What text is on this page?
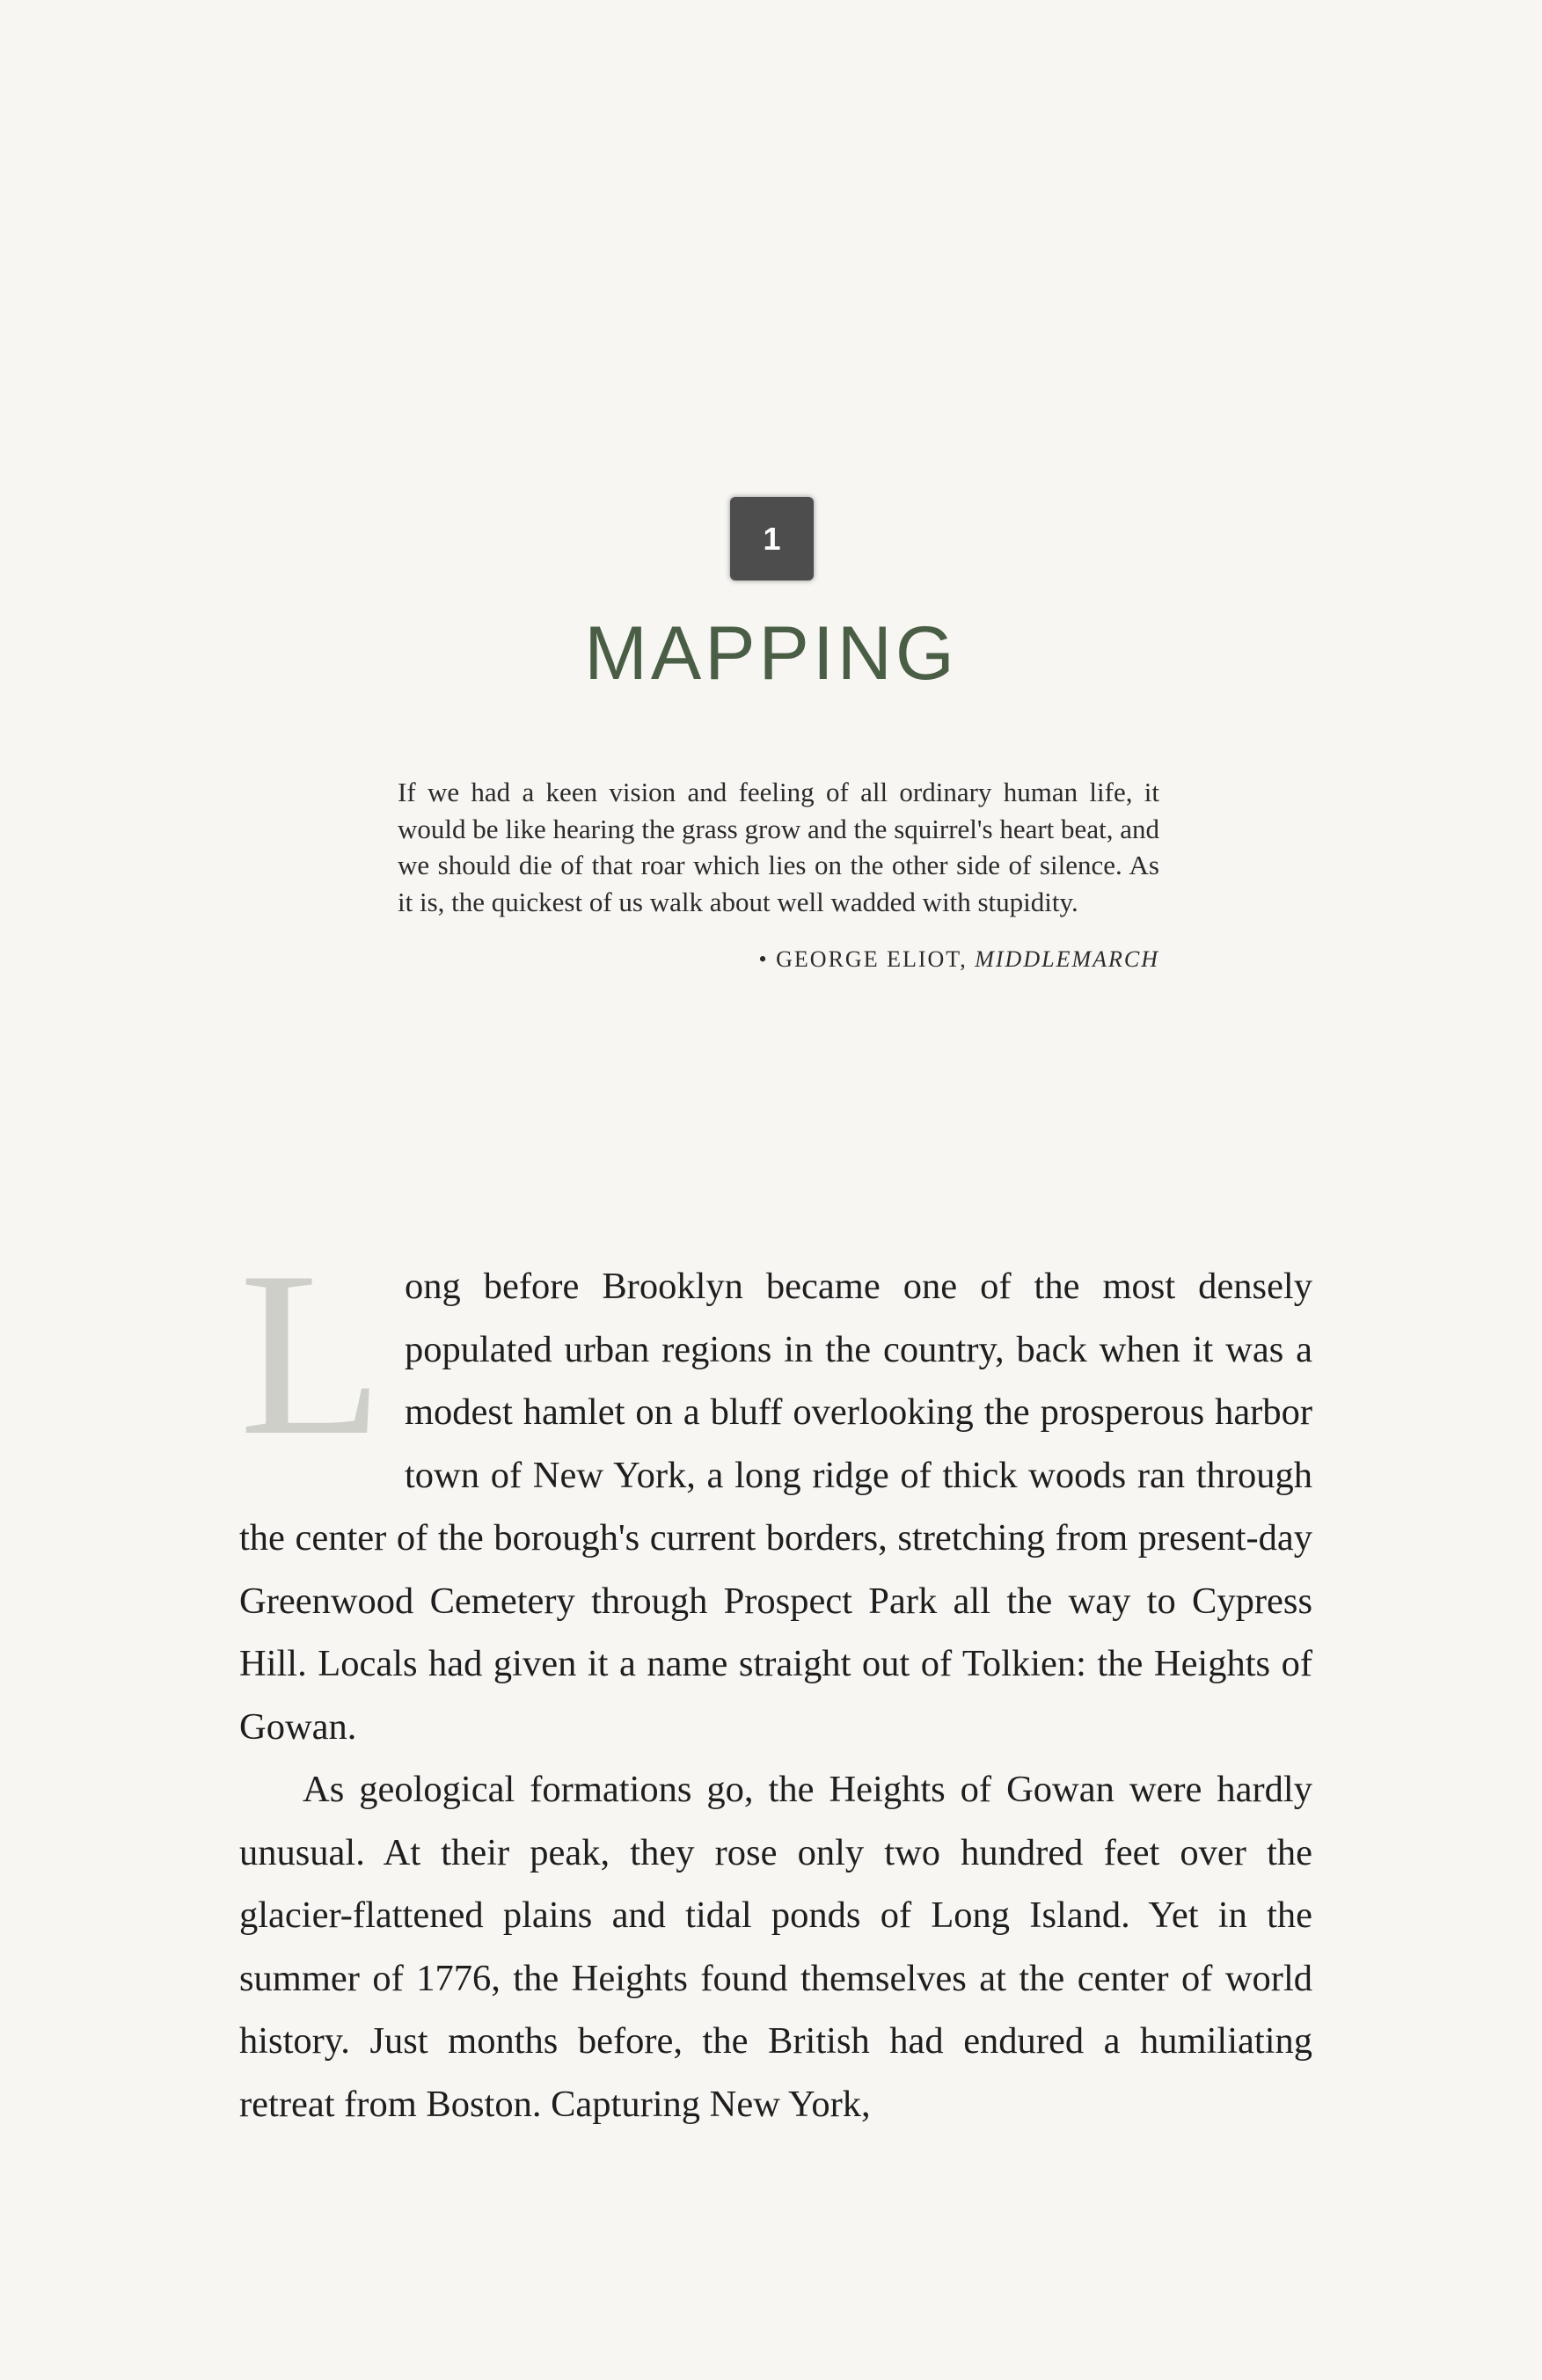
1
MAPPING

If we had a keen vision and feeling of all ordinary human life, it would be like hearing the grass grow and the squirrel's heart beat, and we should die of that roar which lies on the other side of silence. As it is, the quickest of us walk about well wadded with stupidity.

• GEORGE ELIOT, MIDDLEMARCH

L ong before Brooklyn became one of the most densely populated urban regions in the country, back when it was a modest hamlet on a bluff overlooking the prosperous harbor town of New York, a long ridge of thick woods ran through the center of the borough's current borders, stretching from present-day Greenwood Cemetery through Prospect Park all the way to Cypress Hill. Locals had given it a name straight out of Tolkien: the Heights of Gowan.

As geological formations go, the Heights of Gowan were hardly unusual. At their peak, they rose only two hundred feet over the glacier-flattened plains and tidal ponds of Long Island. Yet in the summer of 1776, the Heights found themselves at the center of world history. Just months before, the British had endured a humiliating retreat from Boston. Capturing New York,
